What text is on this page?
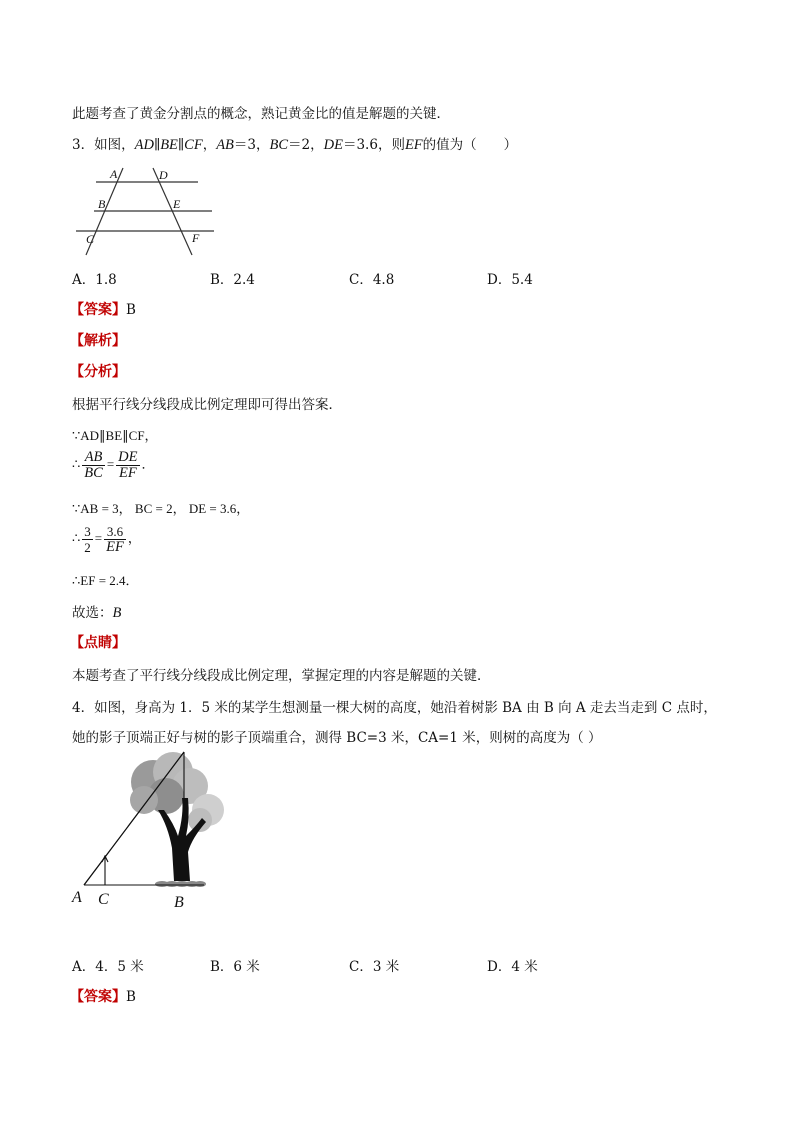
此题考查了黄金分割点的概念，熟记黄金比的值是解题的关键．
3．如图，AD∥BE∥CF，AB＝3，BC＝2，DE＝3.6，则EF的值为（　　）
A	D
B	E
C	F
A．1.8	B．2.4	C．4.8	D．5.4
【答案】B
【解析】
【分析】
根据平行线分线段成比例定理即可得出答案．
∵AD∥BE∥CF，
∴ $\frac{AB}{BC} = \frac{DE}{EF}$ ．
∵AB = 3， BC = 2， DE = 3.6，
∴ $\frac{3}{2} = \frac{3.6}{EF}$ ，
∴EF = 2.4．
故选：B
【点睛】
本题考查了平行线分线段成比例定理，掌握定理的内容是解题的关键．
4．如图，身高为 1．5 米的某学生想测量一棵大树的高度，她沿着树影 BA 由 B 向 A 走去当走到 C 点时，
她的影子顶端正好与树的影子顶端重合，测得 BC=3 米，CA=1 米，则树的高度为（ ）
A C	B
A．4．5 米	B．6 米	C．3 米	D．4 米
【答案】B
